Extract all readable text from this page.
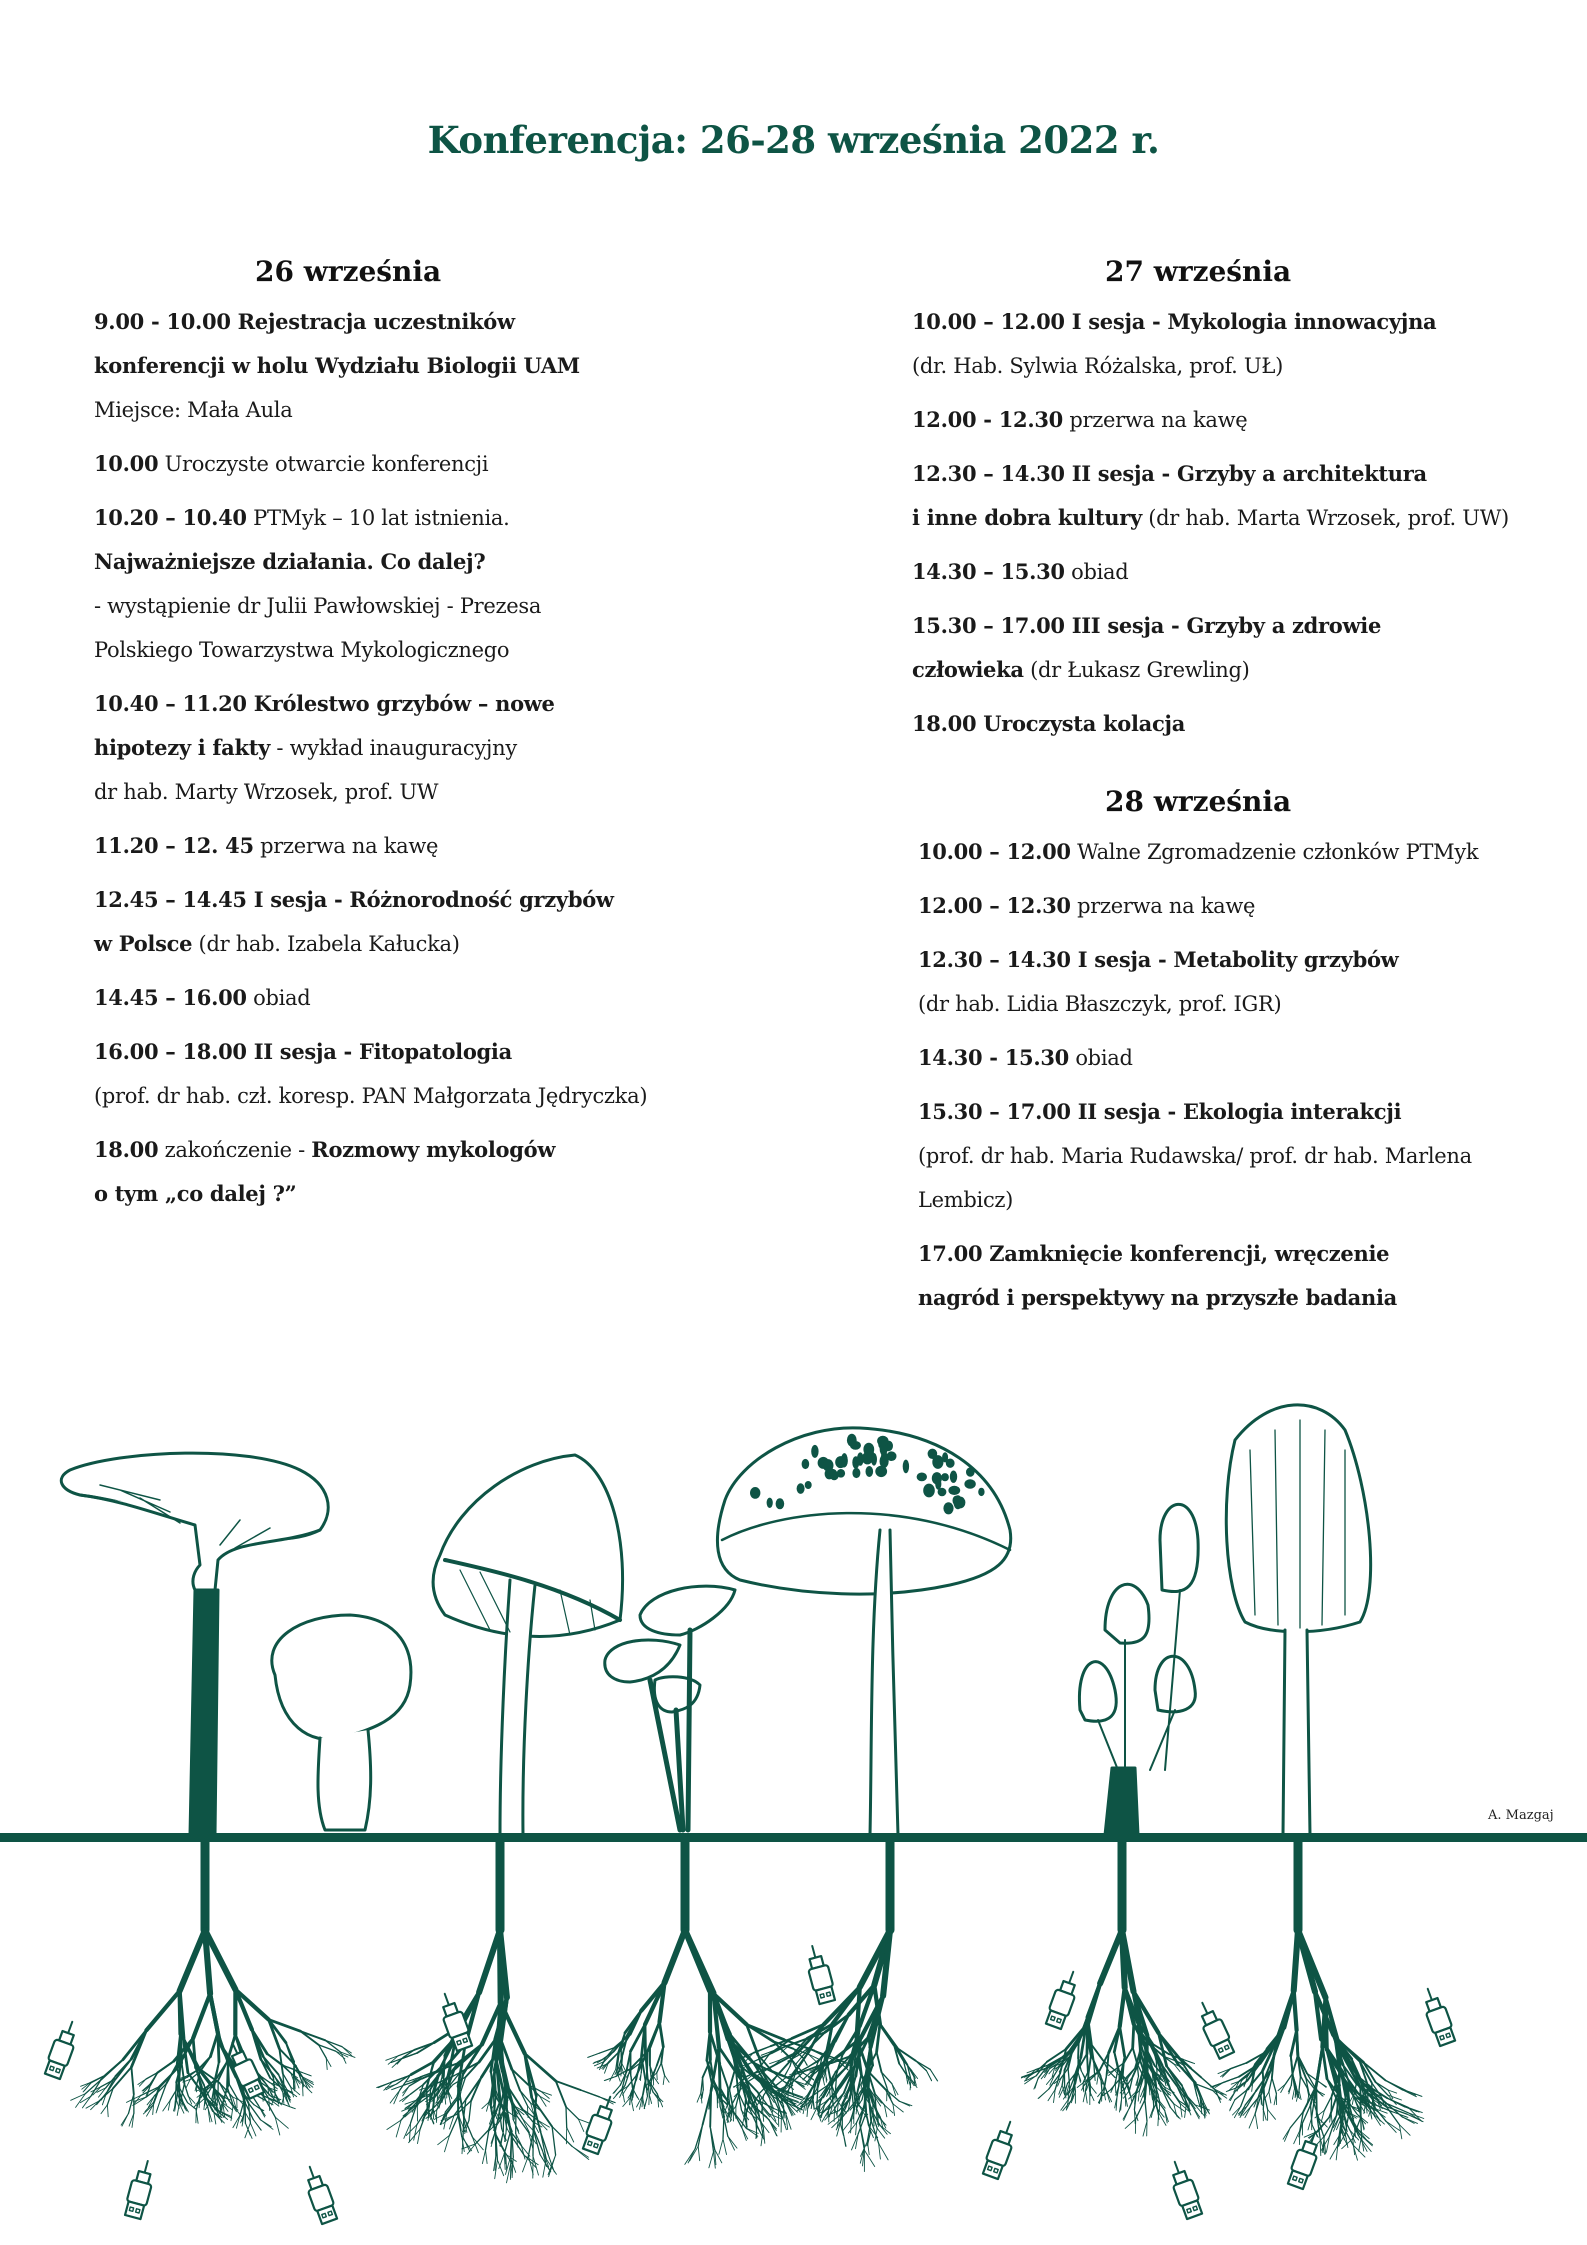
Konferencja: 26-28 września 2022 r.
26 września
9.00 - 10.00 Rejestracja uczestników
konferencji w holu Wydziału Biologii UAM
Miejsce: Mała Aula
10.00 Uroczyste otwarcie konferencji
10.20 – 10.40 PTMyk – 10 lat istnienia.
Najważniejsze działania. Co dalej?
- wystąpienie dr Julii Pawłowskiej - Prezesa
Polskiego Towarzystwa Mykologicznego
10.40 – 11.20 Królestwo grzybów – nowe
hipotezy i fakty - wykład inauguracyjny
dr hab. Marty Wrzosek, prof. UW
11.20 – 12. 45 przerwa na kawę
12.45 – 14.45 I sesja - Różnorodność grzybów
w Polsce (dr hab. Izabela Kałucka)
14.45 – 16.00 obiad
16.00 – 18.00 II sesja - Fitopatologia
(prof. dr hab. czł. koresp. PAN Małgorzata Jędryczka)
18.00 zakończenie - Rozmowy mykologów
o tym „co dalej ?”
27 września
10.00 – 12.00 I sesja - Mykologia innowacyjna
(dr. Hab. Sylwia Różalska, prof. UŁ)
12.00 - 12.30 przerwa na kawę
12.30 – 14.30 II sesja - Grzyby a architektura
i inne dobra kultury (dr hab. Marta Wrzosek, prof. UW)
14.30 – 15.30 obiad
15.30 – 17.00 III sesja - Grzyby a zdrowie
człowieka (dr Łukasz Grewling)
18.00 Uroczysta kolacja
28 września
10.00 – 12.00 Walne Zgromadzenie członków PTMyk
12.00 – 12.30 przerwa na kawę
12.30 – 14.30 I sesja - Metabolity grzybów
(dr hab. Lidia Błaszczyk, prof. IGR)
14.30 - 15.30 obiad
15.30 – 17.00 II sesja - Ekologia interakcji
(prof. dr hab. Maria Rudawska/ prof. dr hab. Marlena
Lembicz)
17.00 Zamknięcie konferencji, wręczenie
nagród i perspektywy na przyszłe badania
A. Mazgaj
